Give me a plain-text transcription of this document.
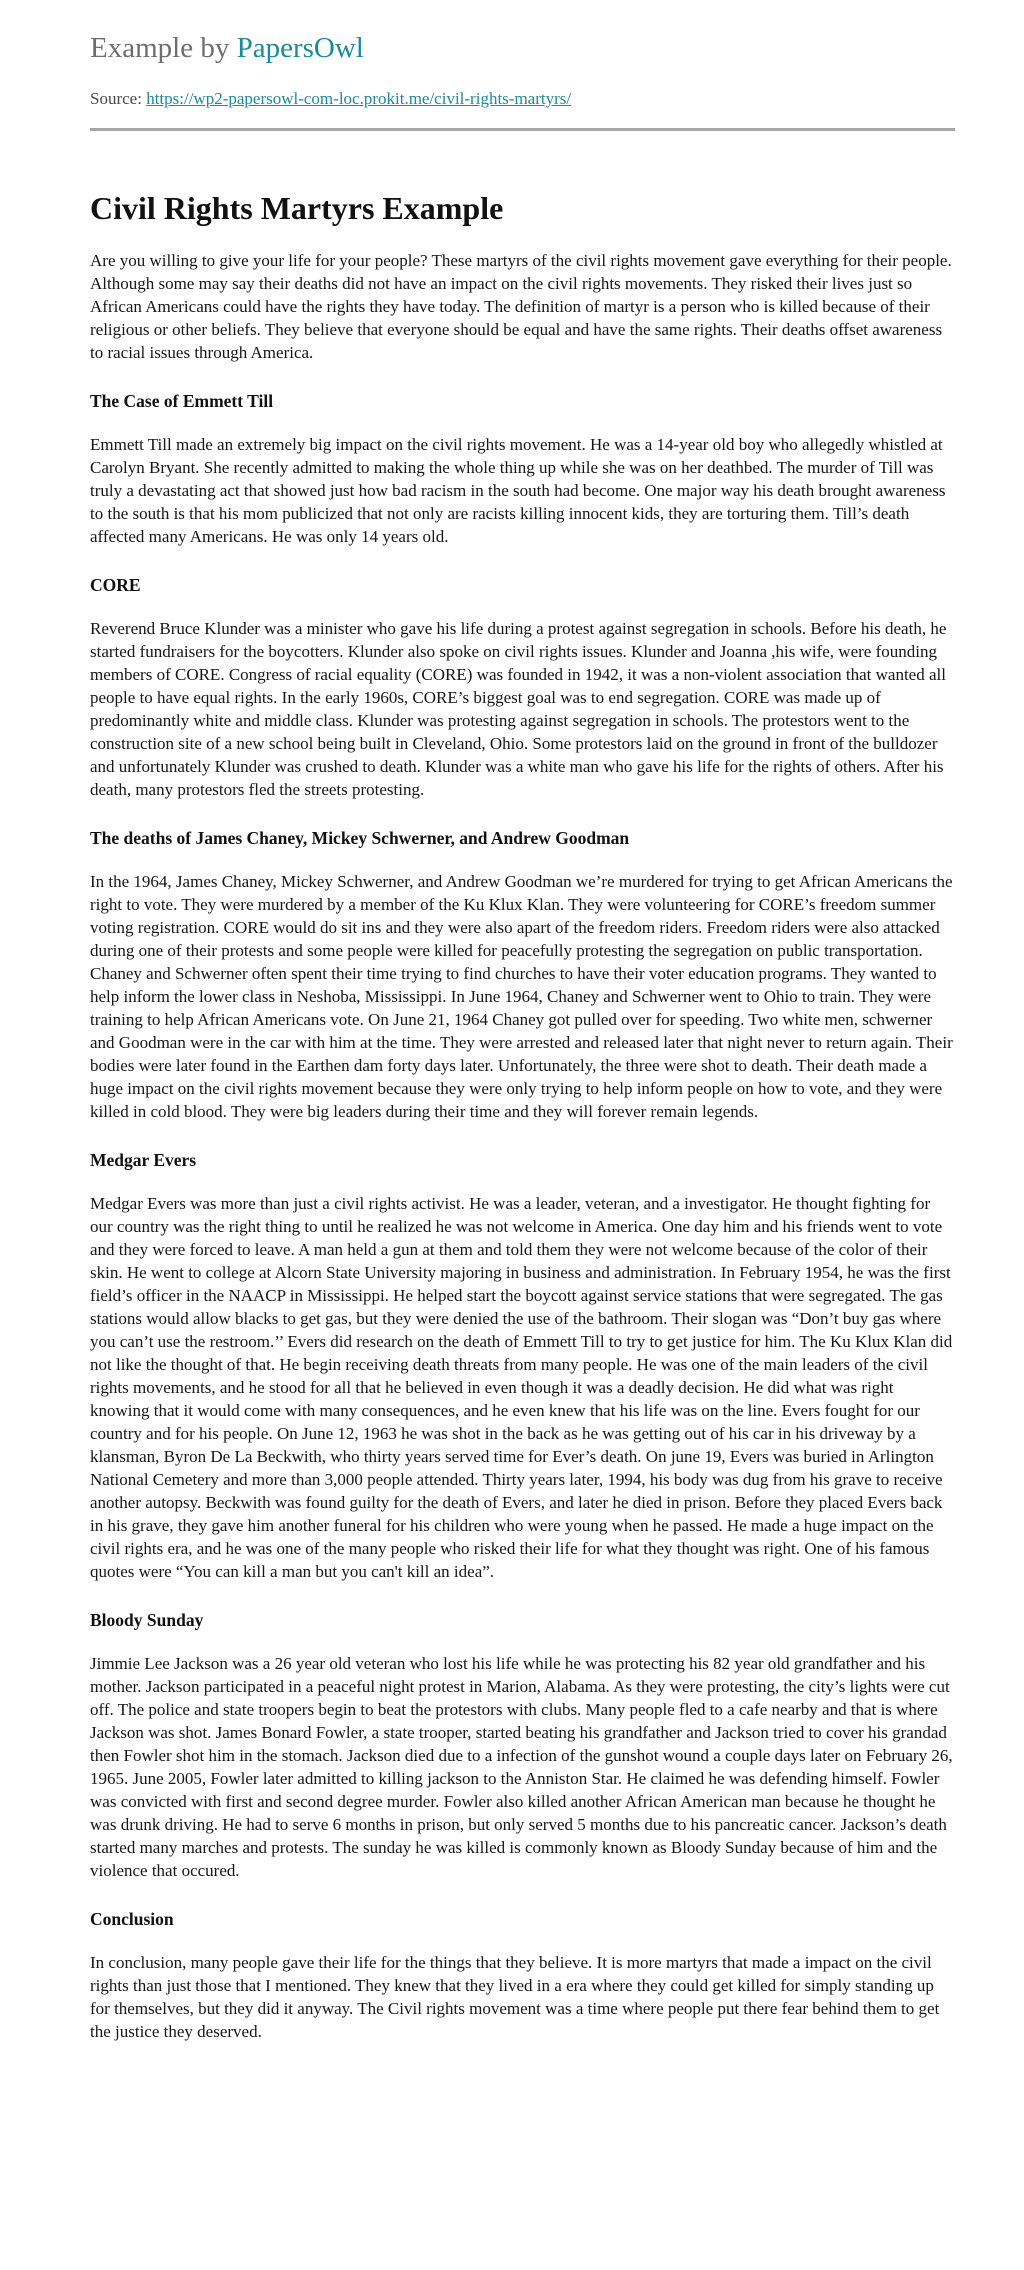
Example by PapersOwl
Source: https://wp2-papersowl-com-loc.prokit.me/civil-rights-martyrs/
Civil Rights Martyrs Example

Are you willing to give your life for your people? These martyrs of the civil rights movement gave everything for their people. Although some may say their deaths did not have an impact on the civil rights movements. They risked their lives just so African Americans could have the rights they have today. The definition of martyr is a person who is killed because of their religious or other beliefs. They believe that everyone should be equal and have the same rights. Their deaths offset awareness to racial issues through America.

The Case of Emmett Till

Emmett Till made an extremely big impact on the civil rights movement. He was a 14-year old boy who allegedly whistled at Carolyn Bryant. She recently admitted to making the whole thing up while she was on her deathbed. The murder of Till was truly a devastating act that showed just how bad racism in the south had become. One major way his death brought awareness to the south is that his mom publicized that not only are racists killing innocent kids, they are torturing them. Till’s death affected many Americans. He was only 14 years old.

CORE

Reverend Bruce Klunder was a minister who gave his life during a protest against segregation in schools. Before his death, he started fundraisers for the boycotters. Klunder also spoke on civil rights issues. Klunder and Joanna ,his wife, were founding members of CORE. Congress of racial equality (CORE) was founded in 1942, it was a non-violent association that wanted all people to have equal rights. In the early 1960s, CORE’s biggest goal was to end segregation. CORE was made up of predominantly white and middle class. Klunder was protesting against segregation in schools. The protestors went to the construction site of a new school being built in Cleveland, Ohio. Some protestors laid on the ground in front of the bulldozer and unfortunately Klunder was crushed to death. Klunder was a white man who gave his life for the rights of others. After his death, many protestors fled the streets protesting.

The deaths of James Chaney, Mickey Schwerner, and Andrew Goodman

In the 1964, James Chaney, Mickey Schwerner, and Andrew Goodman we’re murdered for trying to get African Americans the right to vote. They were murdered by a member of the Ku Klux Klan. They were volunteering for CORE’s freedom summer voting registration. CORE would do sit ins and they were also apart of the freedom riders. Freedom riders were also attacked during one of their protests and some people were killed for peacefully protesting the segregation on public transportation. Chaney and Schwerner often spent their time trying to find churches to have their voter education programs. They wanted to help inform the lower class in Neshoba, Mississippi. In June 1964, Chaney and Schwerner went to Ohio to train. They were training to help African Americans vote. On June 21, 1964 Chaney got pulled over for speeding. Two white men, schwerner and Goodman were in the car with him at the time. They were arrested and released later that night never to return again. Their bodies were later found in the Earthen dam forty days later. Unfortunately, the three were shot to death. Their death made a huge impact on the civil rights movement because they were only trying to help inform people on how to vote, and they were killed in cold blood. They were big leaders during their time and they will forever remain legends.

Medgar Evers

Medgar Evers was more than just a civil rights activist. He was a leader, veteran, and a investigator. He thought fighting for our country was the right thing to until he realized he was not welcome in America. One day him and his friends went to vote and they were forced to leave. A man held a gun at them and told them they were not welcome because of the color of their skin. He went to college at Alcorn State University majoring in business and administration. In February 1954, he was the first field’s officer in the NAACP in Mississippi. He helped start the boycott against service stations that were segregated. The gas stations would allow blacks to get gas, but they were denied the use of the bathroom. Their slogan was “Don’t buy gas where you can’t use the restroom.’’ Evers did research on the death of Emmett Till to try to get justice for him. The Ku Klux Klan did not like the thought of that. He begin receiving death threats from many people. He was one of the main leaders of the civil rights movements, and he stood for all that he believed in even though it was a deadly decision. He did what was right knowing that it would come with many consequences, and he even knew that his life was on the line. Evers fought for our country and for his people. On June 12, 1963 he was shot in the back as he was getting out of his car in his driveway by a klansman, Byron De La Beckwith, who thirty years served time for Ever’s death. On june 19, Evers was buried in Arlington National Cemetery and more than 3,000 people attended. Thirty years later, 1994, his body was dug from his grave to receive another autopsy. Beckwith was found guilty for the death of Evers, and later he died in prison. Before they placed Evers back in his grave, they gave him another funeral for his children who were young when he passed. He made a huge impact on the civil rights era, and he was one of the many people who risked their life for what they thought was right. One of his famous quotes were “You can kill a man but you can't kill an idea”.

Bloody Sunday

Jimmie Lee Jackson was a 26 year old veteran who lost his life while he was protecting his 82 year old grandfather and his mother. Jackson participated in a peaceful night protest in Marion, Alabama. As they were protesting, the city’s lights were cut off. The police and state troopers begin to beat the protestors with clubs. Many people fled to a cafe nearby and that is where Jackson was shot. James Bonard Fowler, a state trooper, started beating his grandfather and Jackson tried to cover his grandad then Fowler shot him in the stomach. Jackson died due to a infection of the gunshot wound a couple days later on February 26, 1965. June 2005, Fowler later admitted to killing jackson to the Anniston Star. He claimed he was defending himself. Fowler was convicted with first and second degree murder. Fowler also killed another African American man because he thought he was drunk driving. He had to serve 6 months in prison, but only served 5 months due to his pancreatic cancer. Jackson’s death started many marches and protests. The sunday he was killed is commonly known as Bloody Sunday because of him and the violence that occured.

Conclusion

In conclusion, many people gave their life for the things that they believe. It is more martyrs that made a impact on the civil rights than just those that I mentioned. They knew that they lived in a era where they could get killed for simply standing up for themselves, but they did it anyway. The Civil rights movement was a time where people put there fear behind them to get the justice they deserved.
